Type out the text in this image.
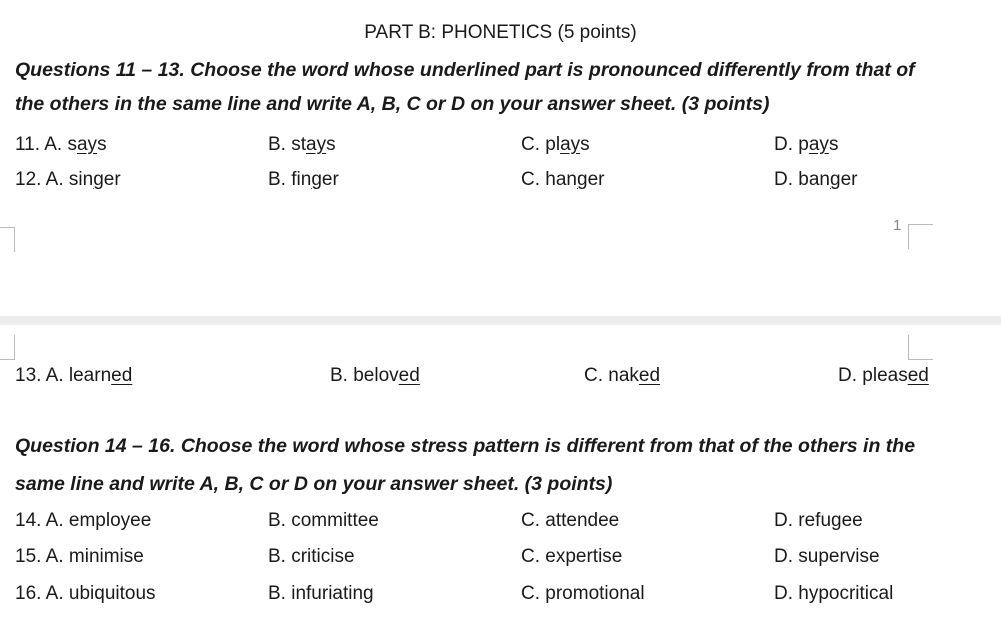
PART B: PHONETICS (5 points)
Questions 11 – 13. Choose the word whose underlined part is pronounced differently from that of
the others in the same line and write A, B, C or D on your answer sheet. (3 points)
1
Question 14 – 16. Choose the word whose stress pattern is different from that of the others in the
same line and write A, B, C or D on your answer sheet. (3 points)
11. A. says	B. stays	C. plays	D. pays
12. A. singer	B. finger	C. hanger	D. banger
13. A. learned	B. beloved	C. naked	D. pleased
14. A. employee	B. committee	C. attendee	D. refugee
15. A. minimise	B. criticise	C. expertise	D. supervise
16. A. ubiquitous	B. infuriating	C. promotional	D. hypocritical
